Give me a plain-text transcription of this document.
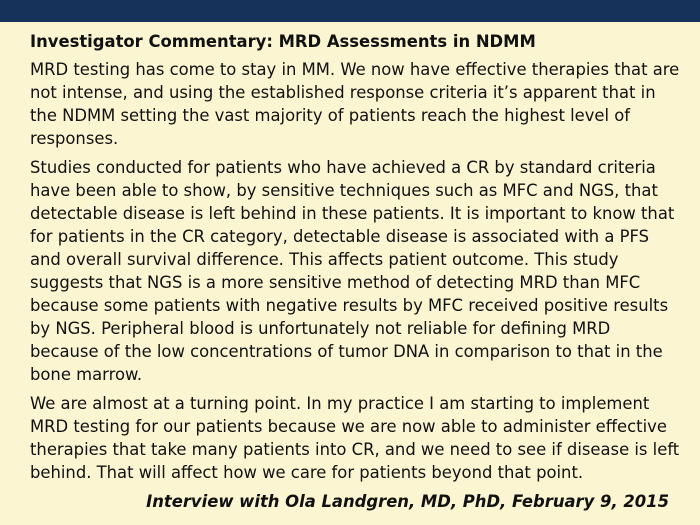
Investigator Commentary: MRD Assessments in NDMM

MRD testing has come to stay in MM. We now have effective therapies that are not intense, and using the established response criteria it’s apparent that in the NDMM setting the vast majority of patients reach the highest level of responses.

Studies conducted for patients who have achieved a CR by standard criteria have been able to show, by sensitive techniques such as MFC and NGS, that detectable disease is left behind in these patients. It is important to know that for patients in the CR category, detectable disease is associated with a PFS and overall survival difference. This affects patient outcome. This study suggests that NGS is a more sensitive method of detecting MRD than MFC because some patients with negative results by MFC received positive results by NGS. Peripheral blood is unfortunately not reliable for defining MRD because of the low concentrations of tumor DNA in comparison to that in the bone marrow.

We are almost at a turning point. In my practice I am starting to implement MRD testing for our patients because we are now able to administer effective therapies that take many patients into CR, and we need to see if disease is left behind. That will affect how we care for patients beyond that point.

Interview with Ola Landgren, MD, PhD, February 9, 2015
